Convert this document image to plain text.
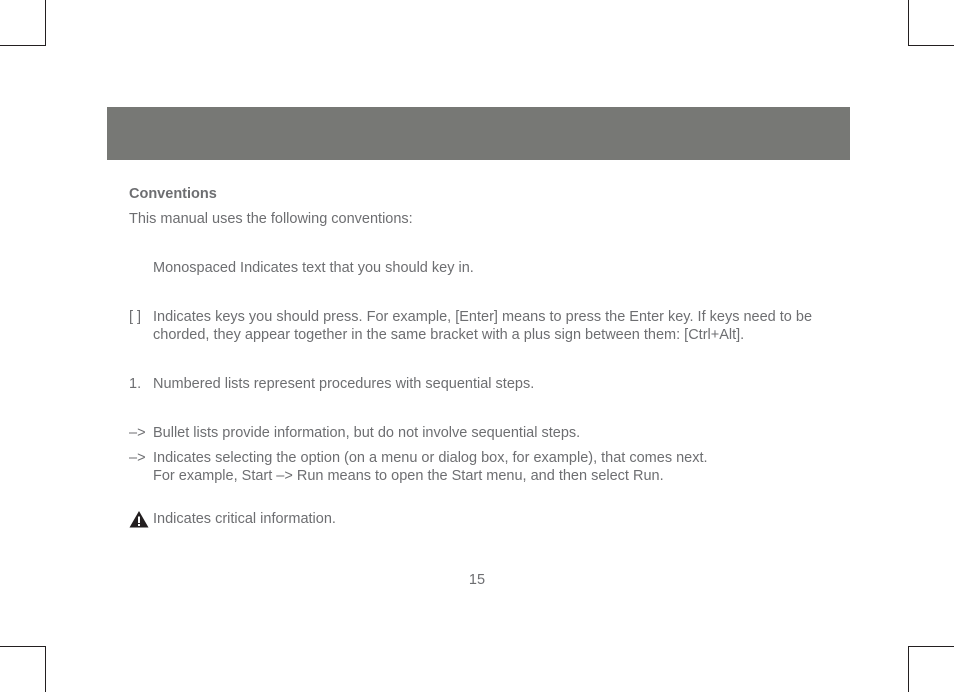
Conventions

This manual uses the following conventions:

Monospaced Indicates text that you should key in.
[ ] Indicates keys you should press. For example, [Enter] means to press the Enter key. If keys need to be chorded, they appear together in the same bracket with a plus sign between them: [Ctrl+Alt].
1. Numbered lists represent procedures with sequential steps.
–> Bullet lists provide information, but do not involve sequential steps.
–> Indicates selecting the option (on a menu or dialog box, for example), that comes next. For example, Start –> Run means to open the Start menu, and then select Run.
Indicates critical information.
15
